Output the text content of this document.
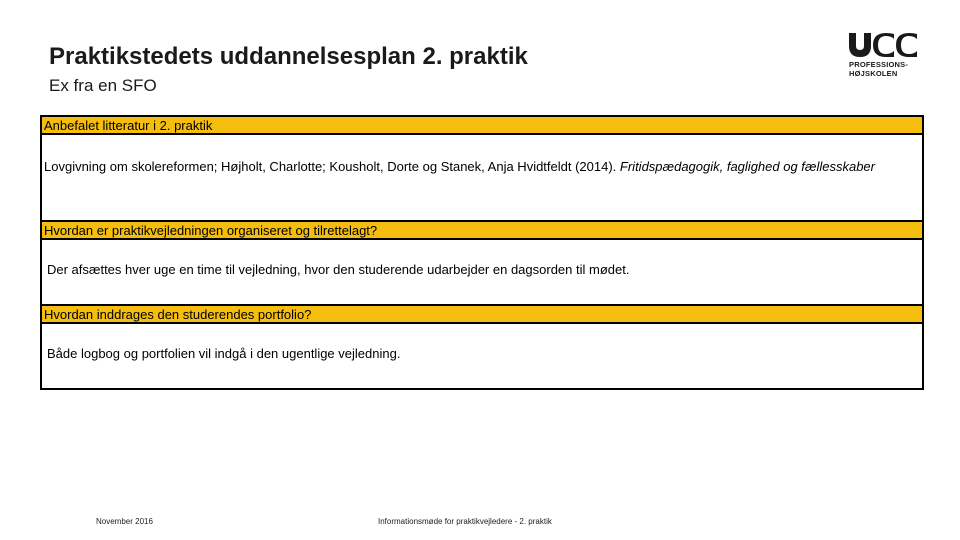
Praktikstedets uddannelsesplan 2. praktik

Ex fra en SFO

PROFESSIONS-
HØJSKOLEN
Anbefalet litteratur i 2. praktik
Lovgivning om skolereformen; Højholt, Charlotte; Kousholt, Dorte og Stanek, Anja Hvidtfeldt (2014). Fritidspædagogik, faglighed og fællesskaber
Hvordan er praktikvejledningen organiseret og tilrettelagt?
Der afsættes hver uge en time til vejledning, hvor den studerende udarbejder en dagsorden til mødet.
Hvordan inddrages den studerendes portfolio?
Både logbog og portfolien vil indgå i den ugentlige vejledning.
November 2016	Informationsmøde for praktikvejledere - 2. praktik
